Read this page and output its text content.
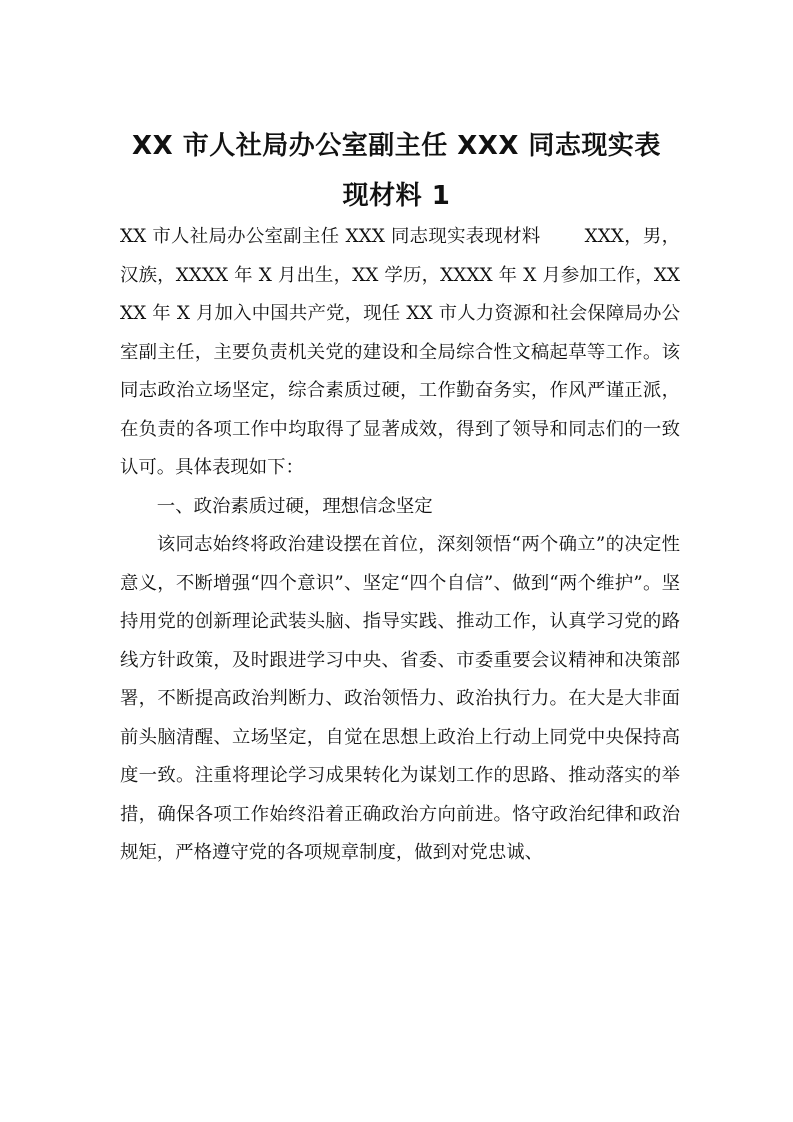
XX 市人社局办公室副主任 XXX 同志现实表
现材料 1

XX 市人社局办公室副主任 XXX 同志现实表现材料 XXX，男，汉族，XXXX 年 X 月出生，XX 学历，XXXX 年 X 月参加工作，XXXX 年 X 月加入中国共产党，现任 XX 市人力资源和社会保障局办公室副主任，主要负责机关党的建设和全局综合性文稿起草等工作。该同志政治立场坚定，综合素质过硬，工作勤奋务实，作风严谨正派，在负责的各项工作中均取得了显著成效，得到了领导和同志们的一致认可。具体表现如下：

一、政治素质过硬，理想信念坚定

该同志始终将政治建设摆在首位，深刻领悟“两个确立”的决定性意义，不断增强“四个意识”、坚定“四个自信”、做到“两个维护”。坚持用党的创新理论武装头脑、指导实践、推动工作，认真学习党的路线方针政策，及时跟进学习中央、省委、市委重要会议精神和决策部署，不断提高政治判断力、政治领悟力、政治执行力。在大是大非面前头脑清醒、立场坚定，自觉在思想上政治上行动上同党中央保持高度一致。注重将理论学习成果转化为谋划工作的思路、推动落实的举措，确保各项工作始终沿着正确政治方向前进。恪守政治纪律和政治规矩，严格遵守党的各项规章制度，做到对党忠诚、
